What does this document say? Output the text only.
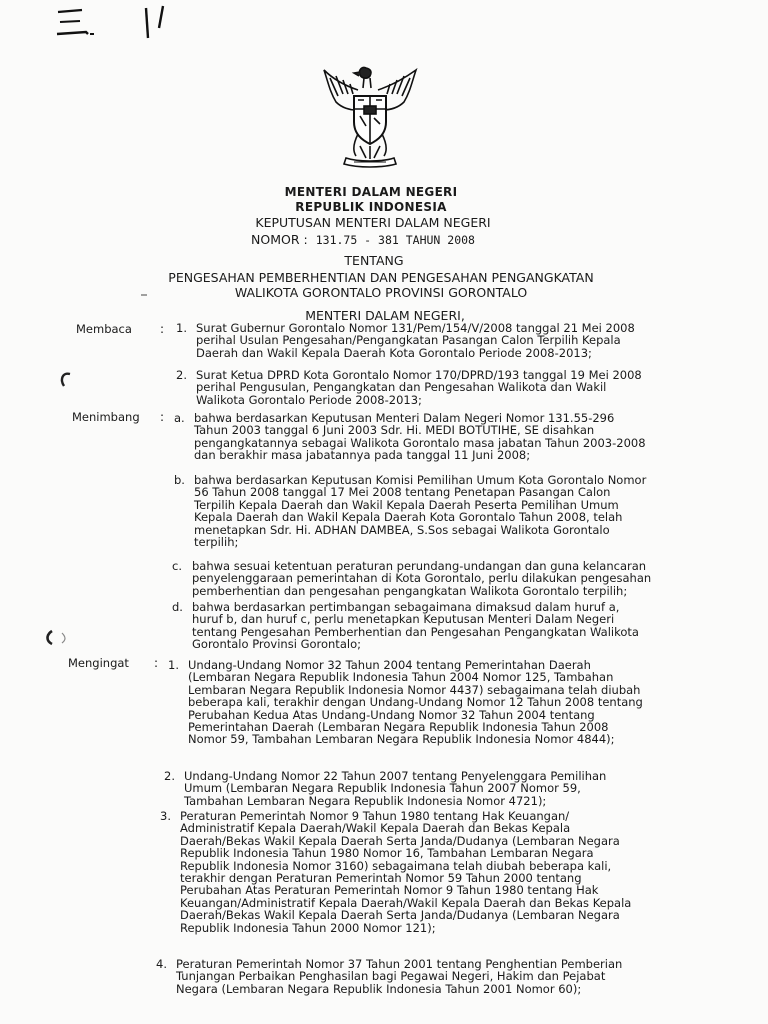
MENTERI DALAM NEGERI
REPUBLIK INDONESIA
KEPUTUSAN MENTERI DALAM NEGERI
NOMOR : 131.75 - 381 TAHUN 2008
TENTANG
PENGESAHAN PEMBERHENTIAN DAN PENGESAHAN PENGANGKATAN
WALIKOTA GORONTALO PROVINSI GORONTALO
MENTERI DALAM NEGERI,
Membaca :
Menimbang :
Mengingat :
1. Surat Gubernur Gorontalo Nomor 131/Pem/154/V/2008 tanggal 21 Mei 2008
perihal Usulan Pengesahan/Pengangkatan Pasangan Calon Terpilih Kepala
Daerah dan Wakil Kepala Daerah Kota Gorontalo Periode 2008-2013;
2. Surat Ketua DPRD Kota Gorontalo Nomor 170/DPRD/193 tanggal 19 Mei 2008
perihal Pengusulan, Pengangkatan dan Pengesahan Walikota dan Wakil
Walikota Gorontalo Periode 2008-2013;
a. bahwa berdasarkan Keputusan Menteri Dalam Negeri Nomor 131.55-296
Tahun 2003 tanggal 6 Juni 2003 Sdr. Hi. MEDI BOTUTIHE, SE disahkan
pengangkatannya sebagai Walikota Gorontalo masa jabatan Tahun 2003-2008
dan berakhir masa jabatannya pada tanggal 11 Juni 2008;
b. bahwa berdasarkan Keputusan Komisi Pemilihan Umum Kota Gorontalo Nomor
56 Tahun 2008 tanggal 17 Mei 2008 tentang Penetapan Pasangan Calon
Terpilih Kepala Daerah dan Wakil Kepala Daerah Peserta Pemilihan Umum
Kepala Daerah dan Wakil Kepala Daerah Kota Gorontalo Tahun 2008, telah
menetapkan Sdr. Hi. ADHAN DAMBEA, S.Sos sebagai Walikota Gorontalo
terpilih;
c. bahwa sesuai ketentuan peraturan perundang-undangan dan guna kelancaran
penyelenggaraan pemerintahan di Kota Gorontalo, perlu dilakukan pengesahan
pemberhentian dan pengesahan pengangkatan Walikota Gorontalo terpilih;
d. bahwa berdasarkan pertimbangan sebagaimana dimaksud dalam huruf a,
huruf b, dan huruf c, perlu menetapkan Keputusan Menteri Dalam Negeri
tentang Pengesahan Pemberhentian dan Pengesahan Pengangkatan Walikota
Gorontalo Provinsi Gorontalo;
1. Undang-Undang Nomor 32 Tahun 2004 tentang Pemerintahan Daerah
(Lembaran Negara Republik Indonesia Tahun 2004 Nomor 125, Tambahan
Lembaran Negara Republik Indonesia Nomor 4437) sebagaimana telah diubah
beberapa kali, terakhir dengan Undang-Undang Nomor 12 Tahun 2008 tentang
Perubahan Kedua Atas Undang-Undang Nomor 32 Tahun 2004 tentang
Pemerintahan Daerah (Lembaran Negara Republik Indonesia Tahun 2008
Nomor 59, Tambahan Lembaran Negara Republik Indonesia Nomor 4844);
2. Undang-Undang Nomor 22 Tahun 2007 tentang Penyelenggara Pemilihan
Umum (Lembaran Negara Republik Indonesia Tahun 2007 Nomor 59,
Tambahan Lembaran Negara Republik Indonesia Nomor 4721);
3. Peraturan Pemerintah Nomor 9 Tahun 1980 tentang Hak Keuangan/
Administratif Kepala Daerah/Wakil Kepala Daerah dan Bekas Kepala
Daerah/Bekas Wakil Kepala Daerah Serta Janda/Dudanya (Lembaran Negara
Republik Indonesia Tahun 1980 Nomor 16, Tambahan Lembaran Negara
Republik Indonesia Nomor 3160) sebagaimana telah diubah beberapa kali,
terakhir dengan Peraturan Pemerintah Nomor 59 Tahun 2000 tentang
Perubahan Atas Peraturan Pemerintah Nomor 9 Tahun 1980 tentang Hak
Keuangan/Administratif Kepala Daerah/Wakil Kepala Daerah dan Bekas Kepala
Daerah/Bekas Wakil Kepala Daerah Serta Janda/Dudanya (Lembaran Negara
Republik Indonesia Tahun 2000 Nomor 121);
4. Peraturan Pemerintah Nomor 37 Tahun 2001 tentang Penghentian Pemberian
Tunjangan Perbaikan Penghasilan bagi Pegawai Negeri, Hakim dan Pejabat
Negara (Lembaran Negara Republik Indonesia Tahun 2001 Nomor 60);
